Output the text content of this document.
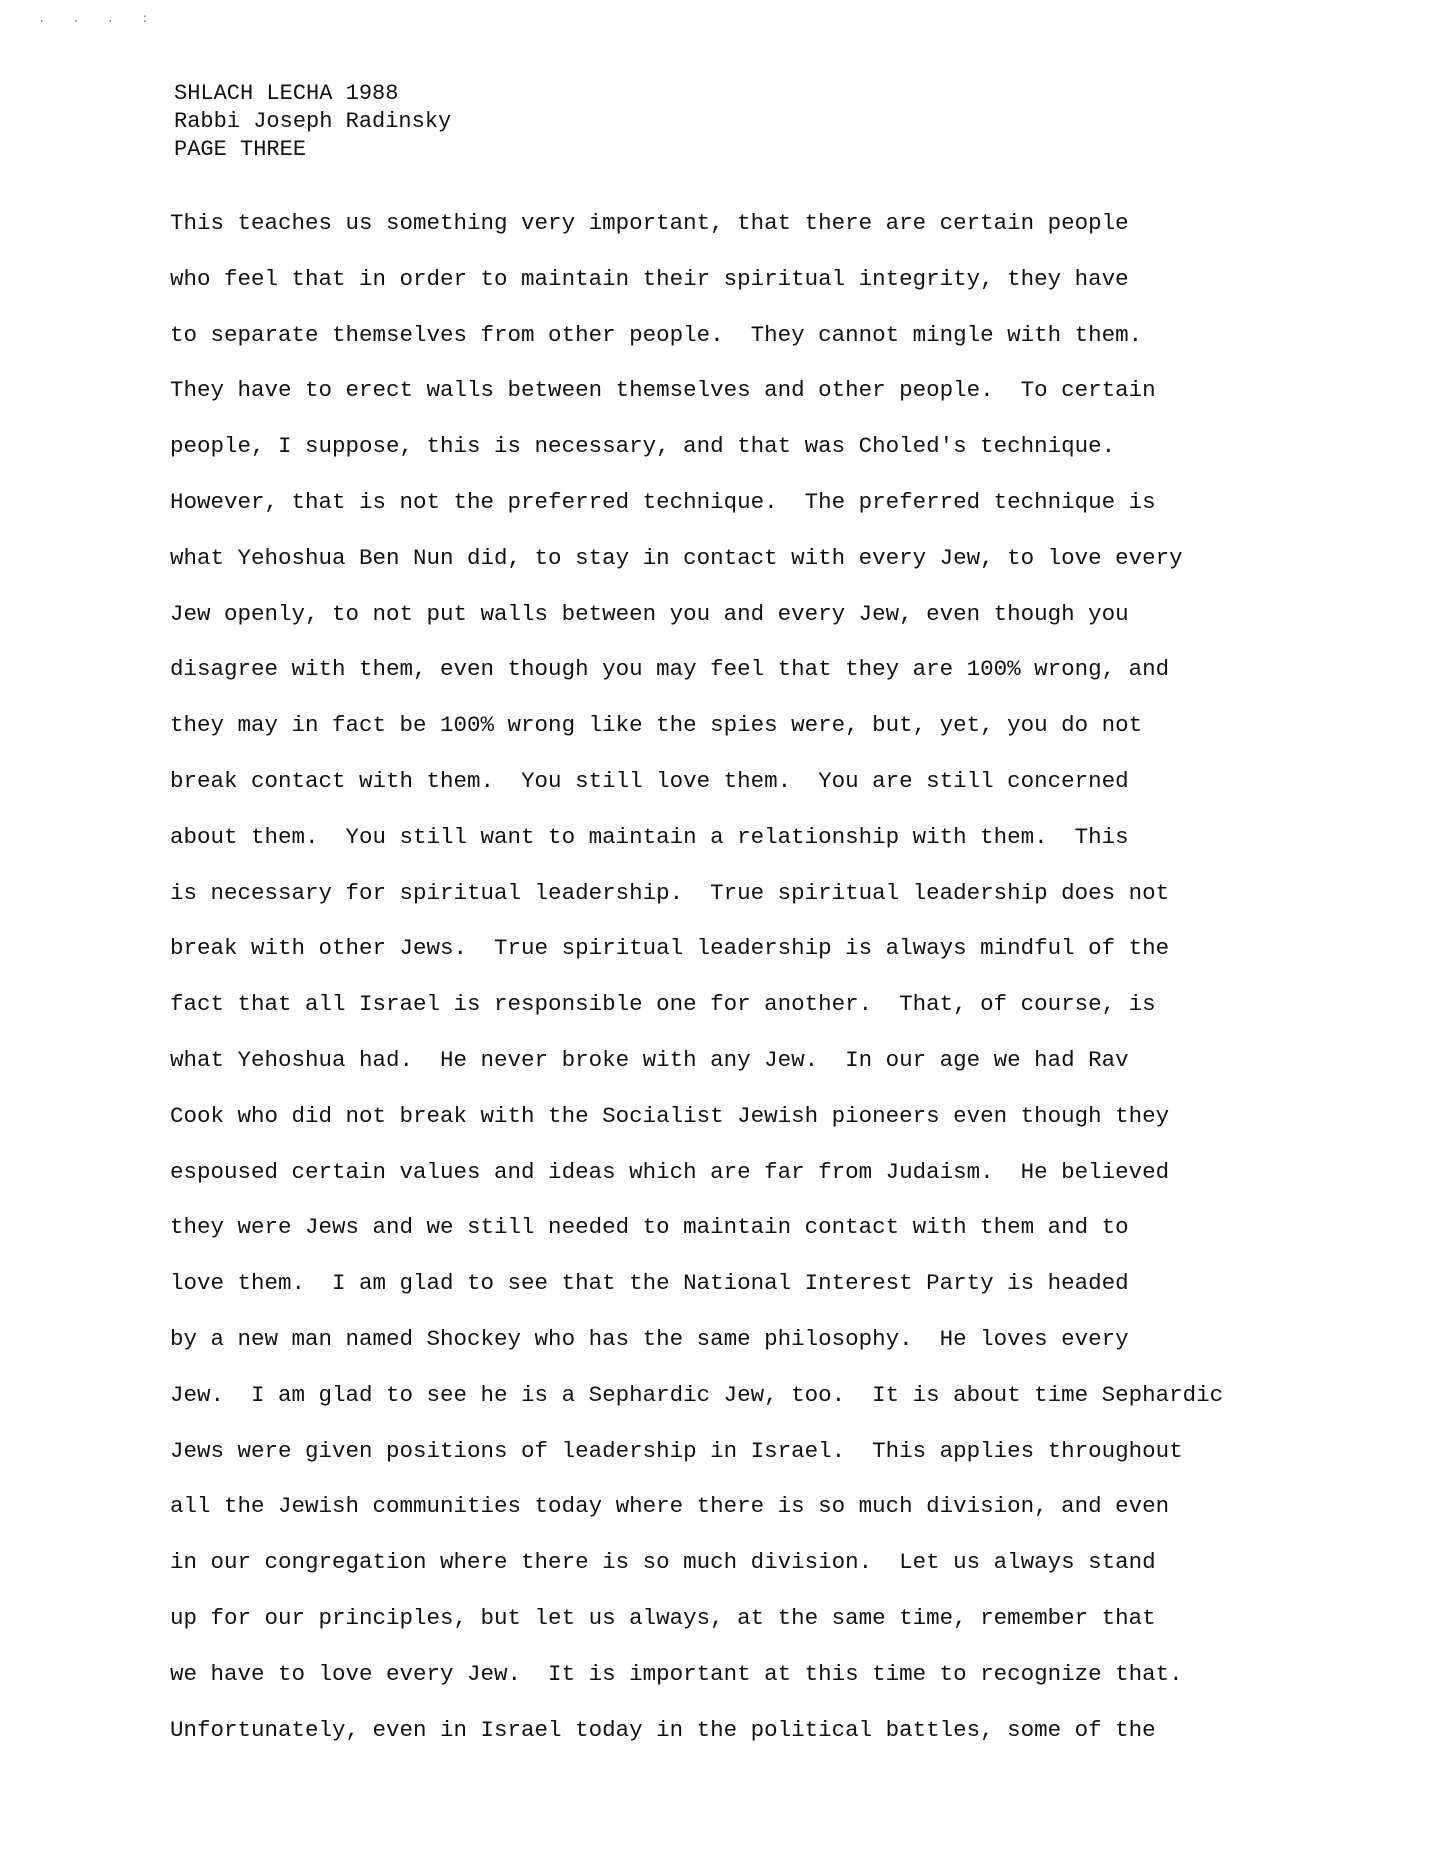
. . . :
SHLACH LECHA 1988
Rabbi Joseph Radinsky
PAGE THREE
This teaches us something very important, that there are certain people
who feel that in order to maintain their spiritual integrity, they have
to separate themselves from other people.  They cannot mingle with them.
They have to erect walls between themselves and other people.  To certain
people, I suppose, this is necessary, and that was Choled's technique.
However, that is not the preferred technique.  The preferred technique is
what Yehoshua Ben Nun did, to stay in contact with every Jew, to love every
Jew openly, to not put walls between you and every Jew, even though you
disagree with them, even though you may feel that they are 100% wrong, and
they may in fact be 100% wrong like the spies were, but, yet, you do not
break contact with them.  You still love them.  You are still concerned
about them.  You still want to maintain a relationship with them.  This
is necessary for spiritual leadership.  True spiritual leadership does not
break with other Jews.  True spiritual leadership is always mindful of the
fact that all Israel is responsible one for another.  That, of course, is
what Yehoshua had.  He never broke with any Jew.  In our age we had Rav
Cook who did not break with the Socialist Jewish pioneers even though they
espoused certain values and ideas which are far from Judaism.  He believed
they were Jews and we still needed to maintain contact with them and to
love them.  I am glad to see that the National Interest Party is headed
by a new man named Shockey who has the same philosophy.  He loves every
Jew.  I am glad to see he is a Sephardic Jew, too.  It is about time Sephardic
Jews were given positions of leadership in Israel.  This applies throughout
all the Jewish communities today where there is so much division, and even
in our congregation where there is so much division.  Let us always stand
up for our principles, but let us always, at the same time, remember that
we have to love every Jew.  It is important at this time to recognize that.
Unfortunately, even in Israel today in the political battles, some of the
